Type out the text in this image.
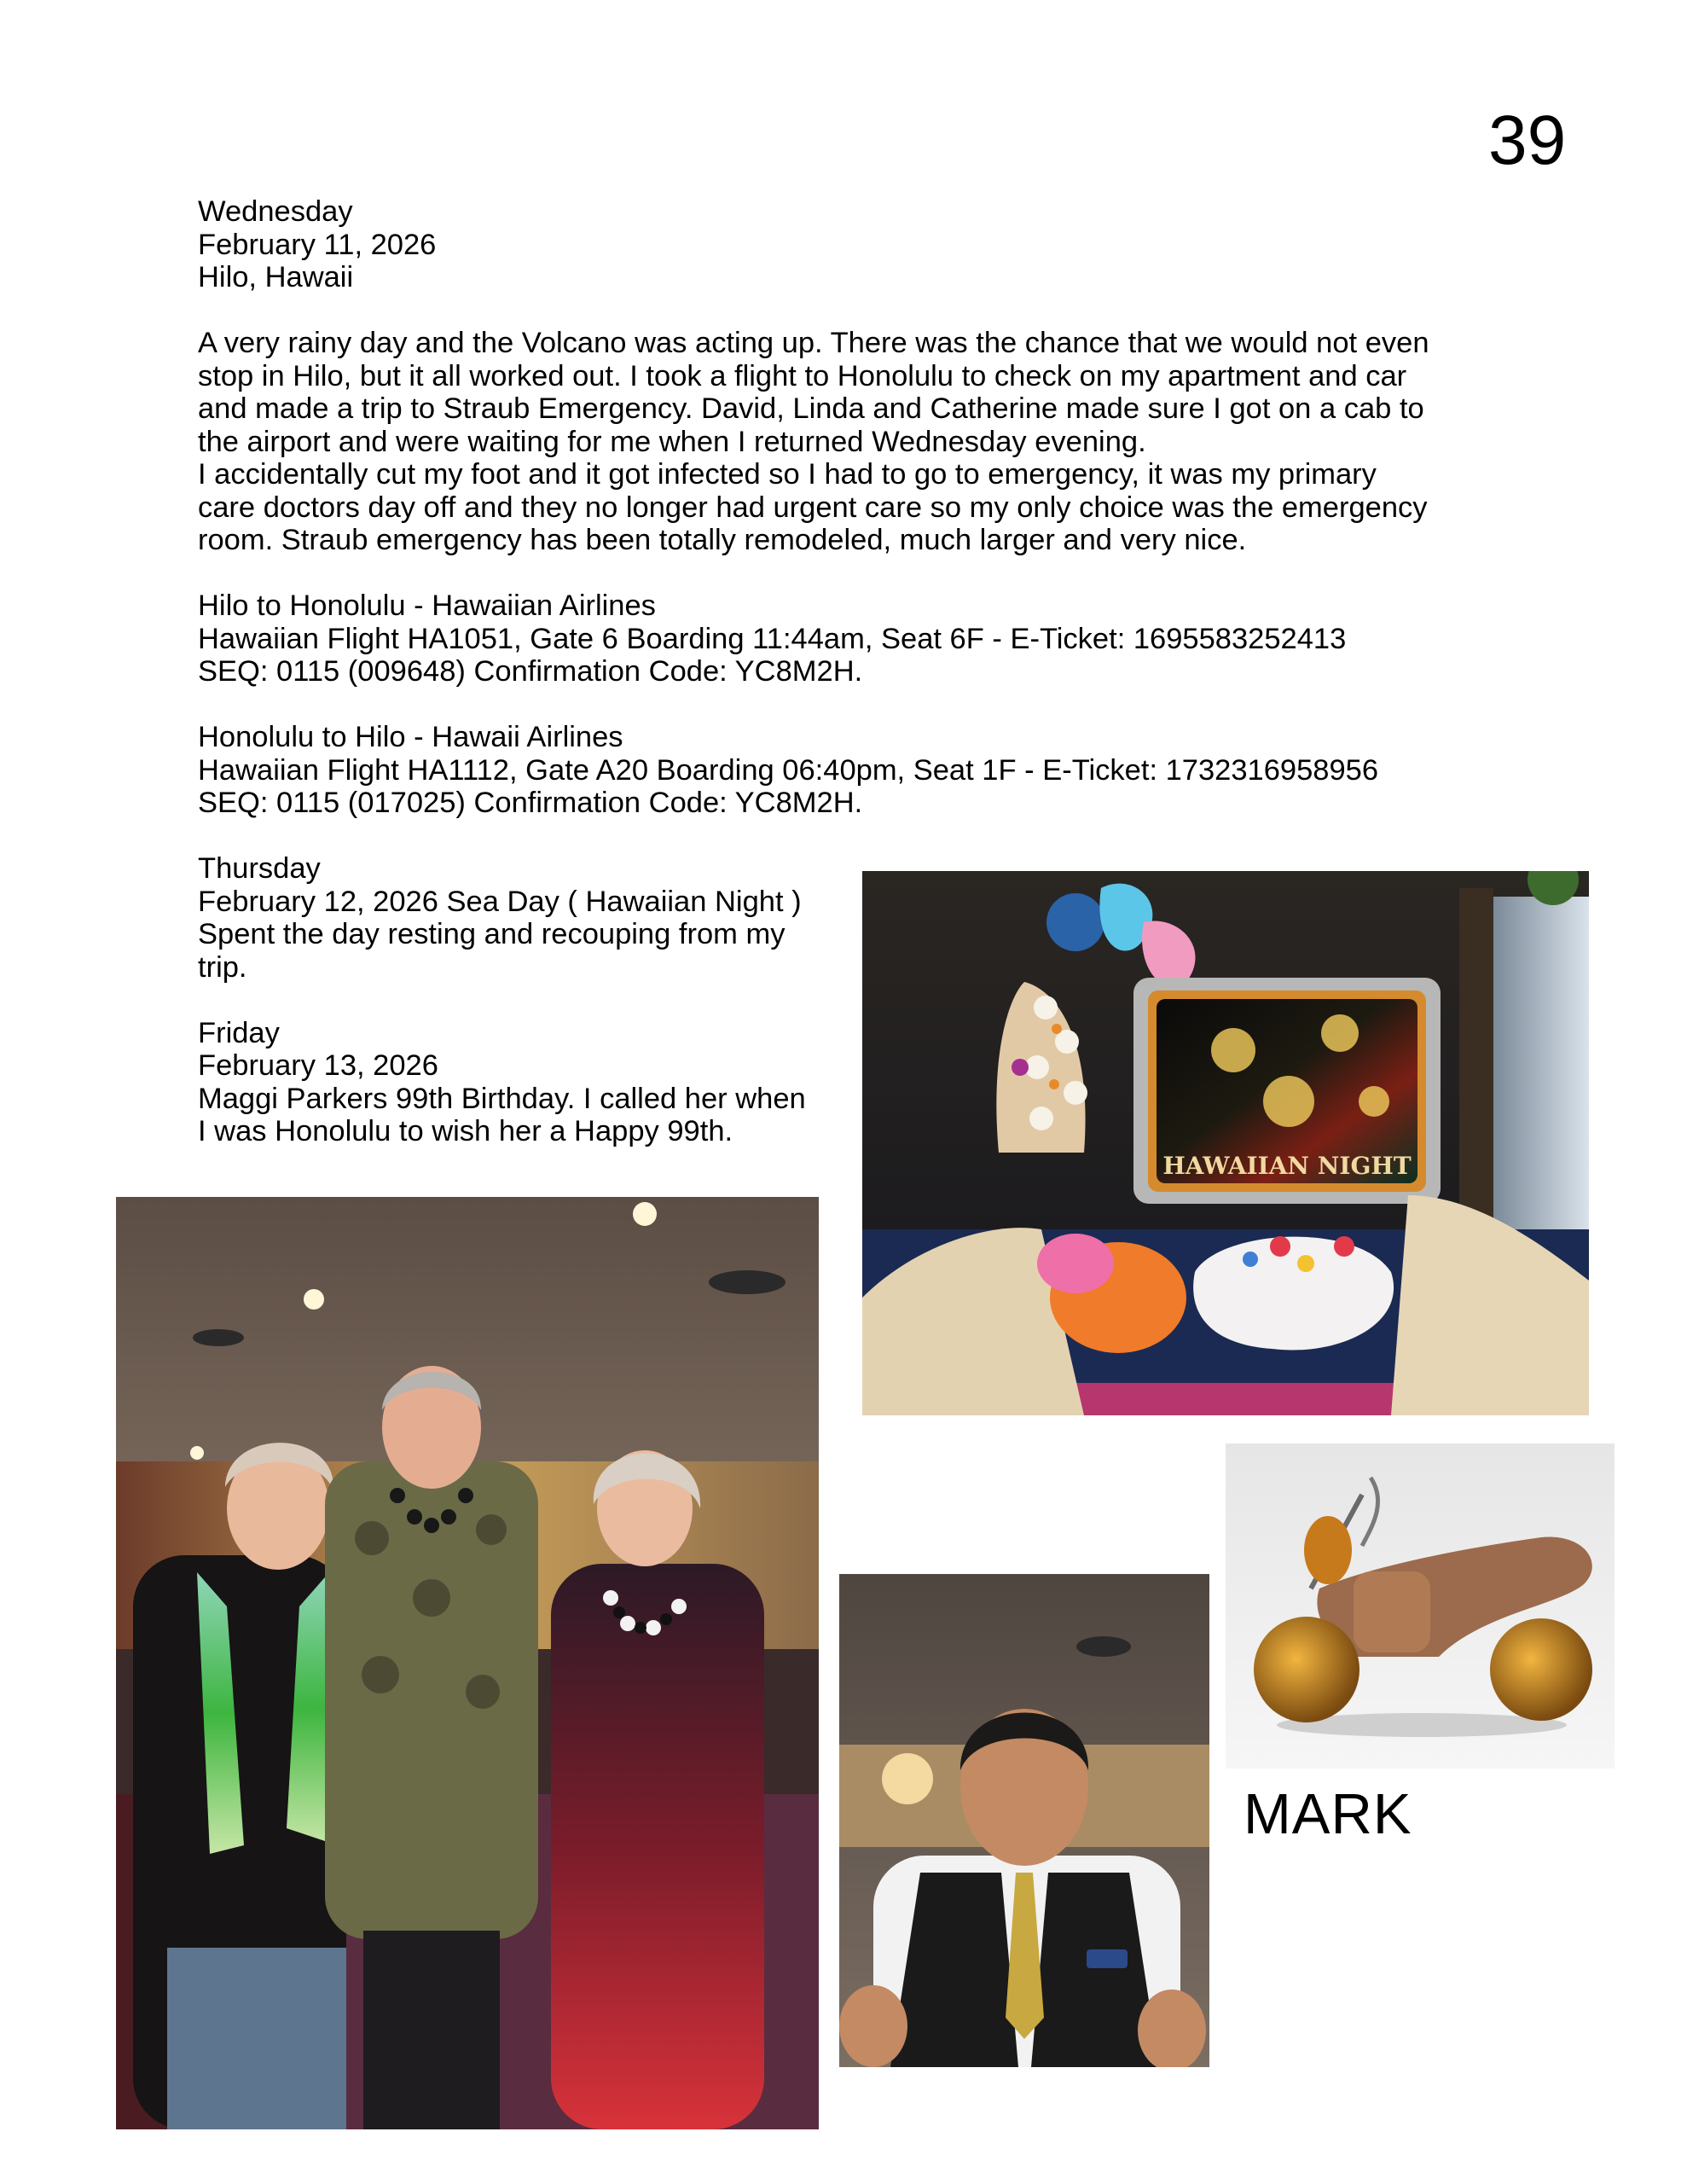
39

Wednesday

February 11, 2026

Hilo, Hawaii

A very rainy day and the Volcano was acting up. There was the chance that we would not even

stop in Hilo, but it all worked out. I took a flight to Honolulu to check on my apartment and car

and made a trip to Straub Emergency. David, Linda and Catherine made sure I got on a cab to

the airport and were waiting for me when I returned Wednesday evening.

I accidentally cut my foot and it got infected so I had to go to emergency, it was my primary

care doctors day off and they no longer had urgent care so my only choice was the emergency

room. Straub emergency has been totally remodeled, much larger and very nice.

Hilo to Honolulu - Hawaiian Airlines

Hawaiian Flight HA1051, Gate 6 Boarding 11:44am, Seat 6F - E-Ticket: 1695583252413

SEQ: 0115 (009648) Confirmation Code: YC8M2H.

Honolulu to Hilo - Hawaii Airlines

Hawaiian Flight HA1112, Gate A20 Boarding 06:40pm, Seat 1F - E-Ticket: 1732316958956

SEQ: 0115 (017025) Confirmation Code: YC8M2H.

Thursday

February 12, 2026 Sea Day ( Hawaiian Night )

Spent the day resting and recouping from my

trip.

Friday

February 13, 2026

Maggi Parkers 99th Birthday. I called her when

I was Honolulu to wish her a Happy 99th.

HAWAIIAN NIGHT
MARK
